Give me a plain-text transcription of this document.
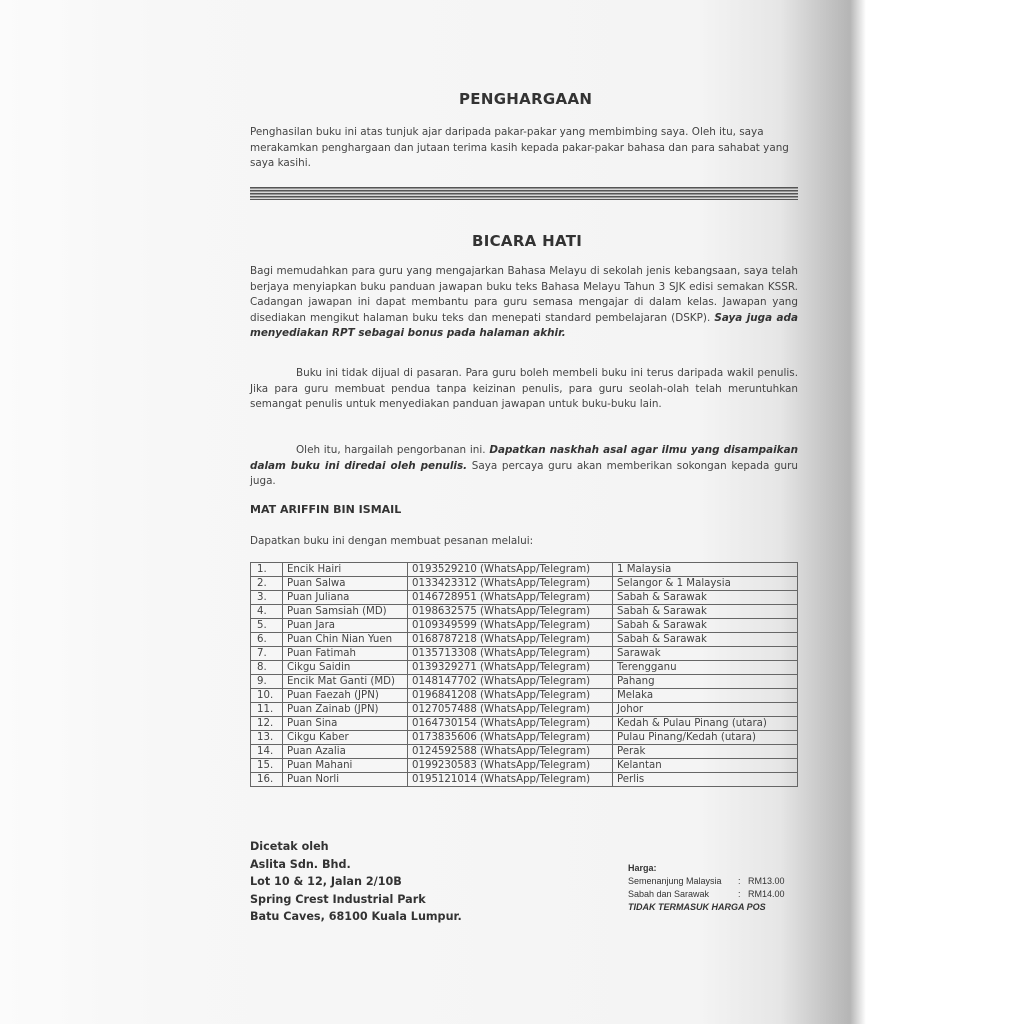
PENGHARGAAN

Penghasilan buku ini atas tunjuk ajar daripada pakar-pakar yang membimbing saya. Oleh itu, saya merakamkan penghargaan dan jutaan terima kasih kepada pakar-pakar bahasa dan para sahabat yang saya kasihi.

BICARA HATI

Bagi memudahkan para guru yang mengajarkan Bahasa Melayu di sekolah jenis kebangsaan, saya telah berjaya menyiapkan buku panduan jawapan buku teks Bahasa Melayu Tahun 3 SJK edisi semakan KSSR. Cadangan jawapan ini dapat membantu para guru semasa mengajar di dalam kelas. Jawapan yang disediakan mengikut halaman buku teks dan menepati standard pembelajaran (DSKP). Saya juga ada menyediakan RPT sebagai bonus pada halaman akhir.

Buku ini tidak dijual di pasaran. Para guru boleh membeli buku ini terus daripada wakil penulis. Jika para guru membuat pendua tanpa keizinan penulis, para guru seolah-olah telah meruntuhkan semangat penulis untuk menyediakan panduan jawapan untuk buku-buku lain.

Oleh itu, hargailah pengorbanan ini. Dapatkan naskhah asal agar ilmu yang disampaikan dalam buku ini diredai oleh penulis. Saya percaya guru akan memberikan sokongan kepada guru juga.

MAT ARIFFIN BIN ISMAIL

Dapatkan buku ini dengan membuat pesanan melalui:

1.	Encik Hairi	0193529210 (WhatsApp/Telegram)	1 Malaysia
2.	Puan Salwa	0133423312 (WhatsApp/Telegram)	Selangor & 1 Malaysia
3.	Puan Juliana	0146728951 (WhatsApp/Telegram)	Sabah & Sarawak
4.	Puan Samsiah (MD)	0198632575 (WhatsApp/Telegram)	Sabah & Sarawak
5.	Puan Jara	0109349599 (WhatsApp/Telegram)	Sabah & Sarawak
6.	Puan Chin Nian Yuen	0168787218 (WhatsApp/Telegram)	Sabah & Sarawak
7.	Puan Fatimah	0135713308 (WhatsApp/Telegram)	Sarawak
8.	Cikgu Saidin	0139329271 (WhatsApp/Telegram)	Terengganu
9.	Encik Mat Ganti (MD)	0148147702 (WhatsApp/Telegram)	Pahang
10.	Puan Faezah (JPN)	0196841208 (WhatsApp/Telegram)	Melaka
11.	Puan Zainab (JPN)	0127057488 (WhatsApp/Telegram)	Johor
12.	Puan Sina	0164730154 (WhatsApp/Telegram)	Kedah & Pulau Pinang (utara)
13.	Cikgu Kaber	0173835606 (WhatsApp/Telegram)	Pulau Pinang/Kedah (utara)
14.	Puan Azalia	0124592588 (WhatsApp/Telegram)	Perak
15.	Puan Mahani	0199230583 (WhatsApp/Telegram)	Kelantan
16.	Puan Norli	0195121014 (WhatsApp/Telegram)	Perlis
Dicetak oleh
Aslita Sdn. Bhd.
Lot 10 & 12, Jalan 2/10B
Spring Crest Industrial Park
Batu Caves, 68100 Kuala Lumpur.
Harga:
Semenanjung Malaysia	: RM13.00
Sabah dan Sarawak	: RM14.00
TIDAK TERMASUK HARGA POS
